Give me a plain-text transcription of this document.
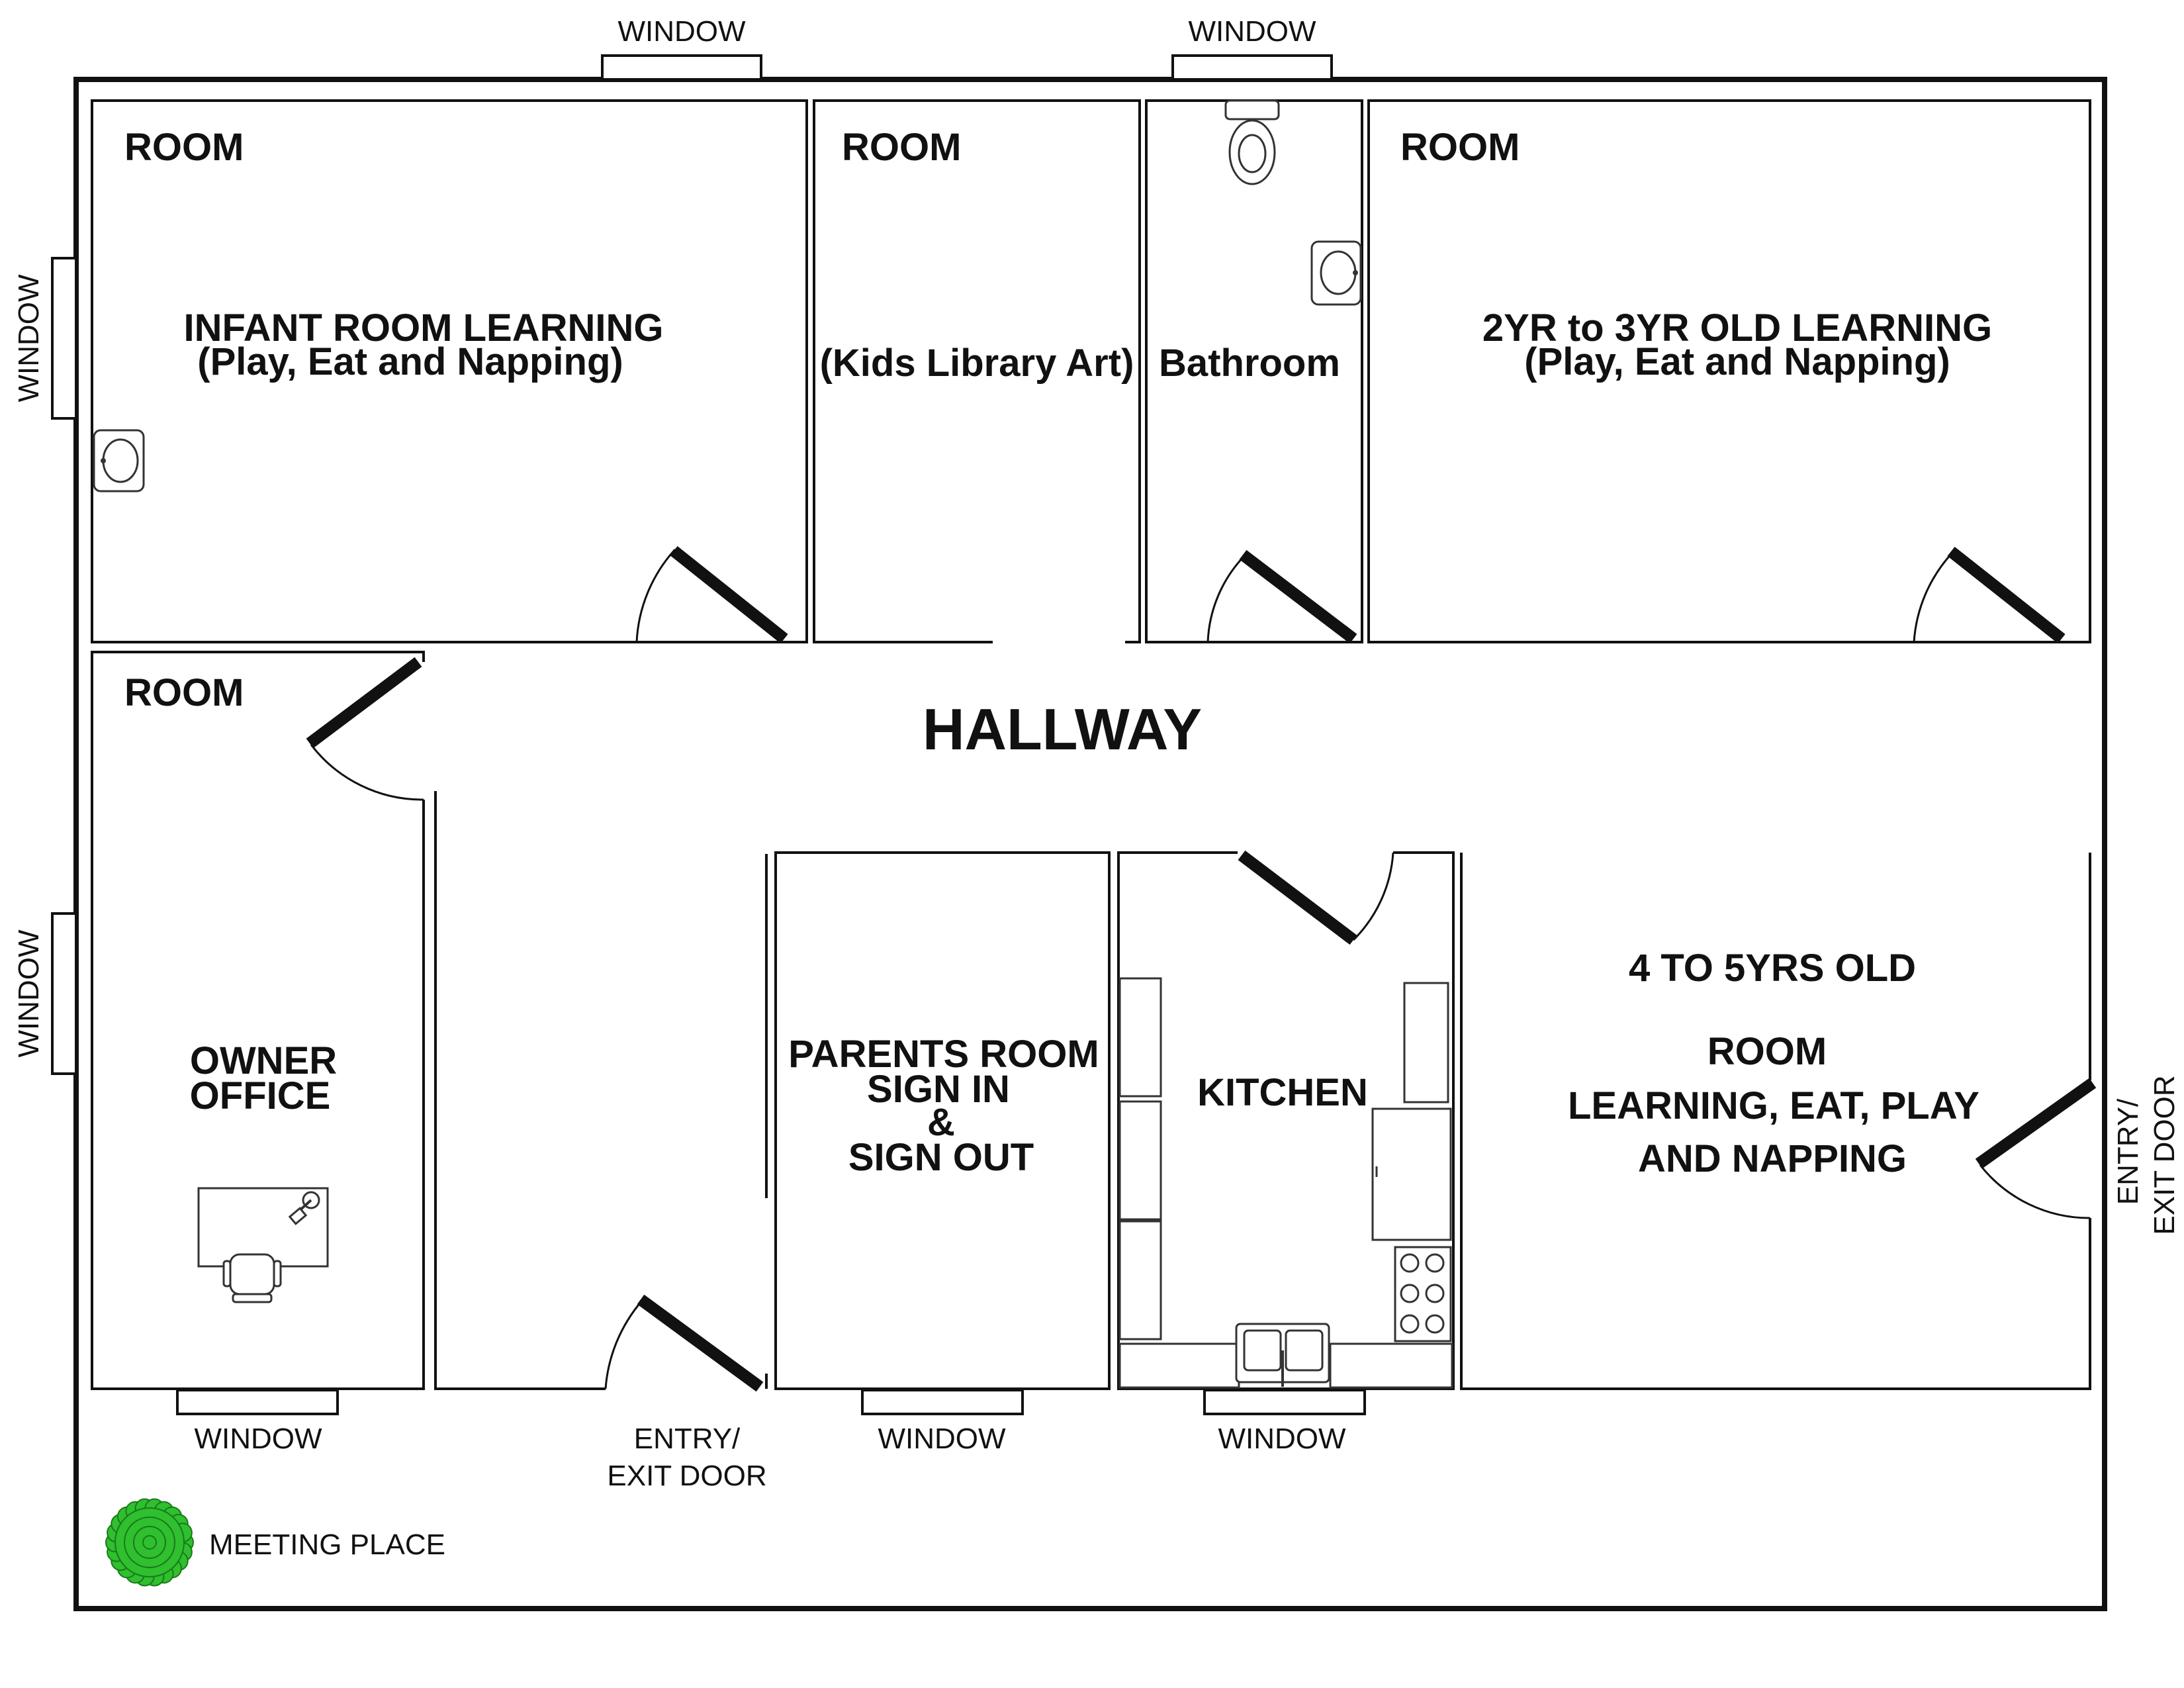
WINDOW	WINDOW
WINDOW
WINDOW
WINDOW	WINDOW	WINDOW
ROOM
INFANT ROOM LEARNING
(Play, Eat and Napping)
ROOM
(Kids Library Art) Bathroom
ROOM
2YR to 3YR OLD LEARNING
(Play, Eat and Napping)
HALLWAY
ROOM
OWNER
OFFICE
ENTRY/
EXIT DOOR
PARENTS ROOM
SIGN IN
&
SIGN OUT
KITCHEN
4 TO 5YRS OLD
ROOM
LEARNING, EAT, PLAY
AND NAPPING	ENTRY/ EXIT DOOR
MEETING PLACE
